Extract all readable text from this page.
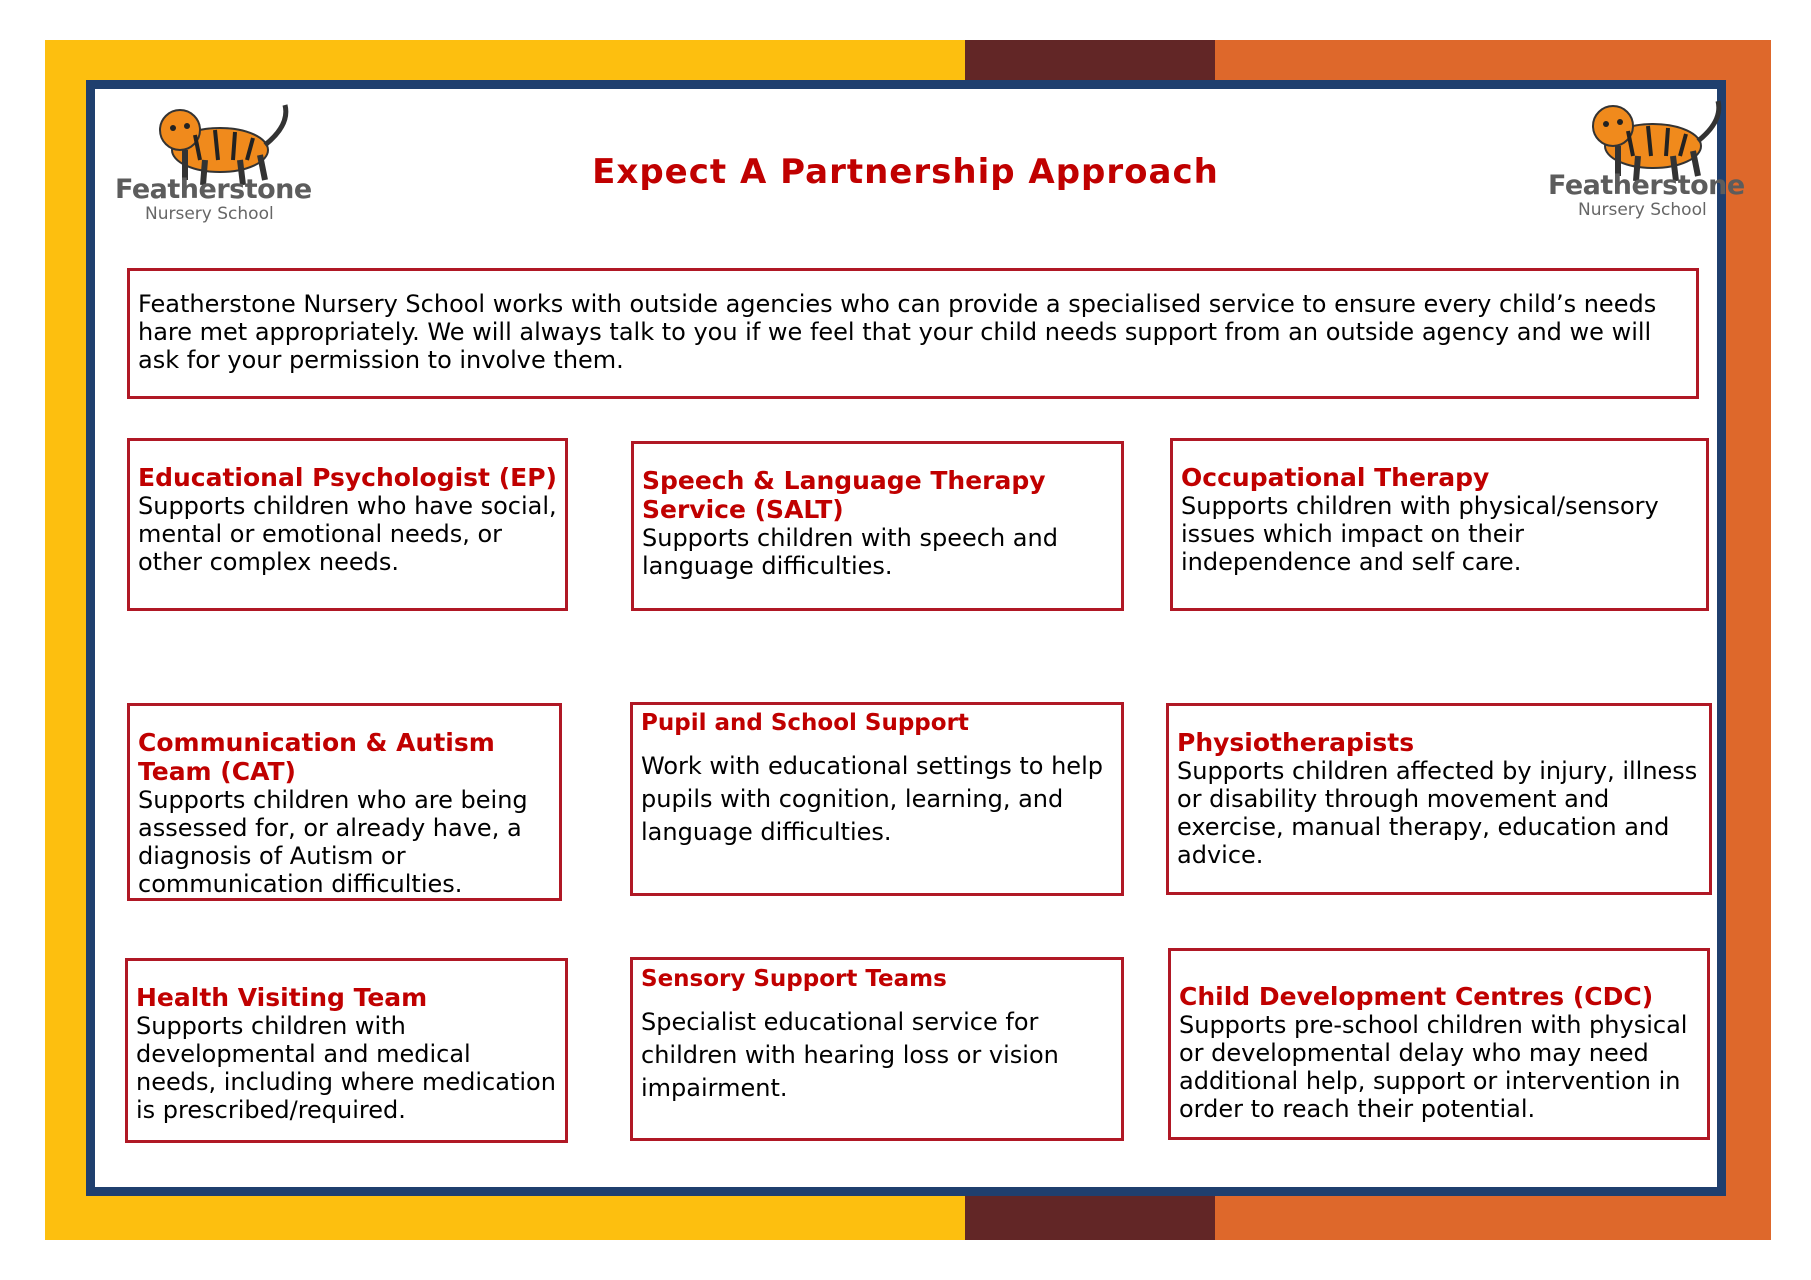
Featherstone
Nursery School
Featherstone
Nursery School
Expect A Partnership Approach

Featherstone Nursery School works with outside agencies who can provide a specialised service to ensure every child’s needs hare met appropriately. We will always talk to you if we feel that your child needs support from an outside agency and we will ask for your permission to involve them.

Educational Psychologist (EP)

Supports children who have social, mental or emotional needs, or other complex needs.

Speech & Language Therapy Service (SALT)

Supports children with speech and language difficulties.

Occupational Therapy

Supports children with physical/sensory issues which impact on their independence and self care.

Communication & Autism Team (CAT)

Supports children who are being assessed for, or already have, a diagnosis of Autism or communication difficulties.

Pupil and School Support

Work with educational settings to help pupils with cognition, learning, and language difficulties.

Physiotherapists

Supports children affected by injury, illness or disability through movement and exercise, manual therapy, education and advice.

Health Visiting Team

Supports children with developmental and medical needs, including where medication is prescribed/required.

Sensory Support Teams

Specialist educational service for children with hearing loss or vision impairment.

Child Development Centres (CDC)

Supports pre-school children with physical or developmental delay who may need additional help, support or intervention in order to reach their potential.
